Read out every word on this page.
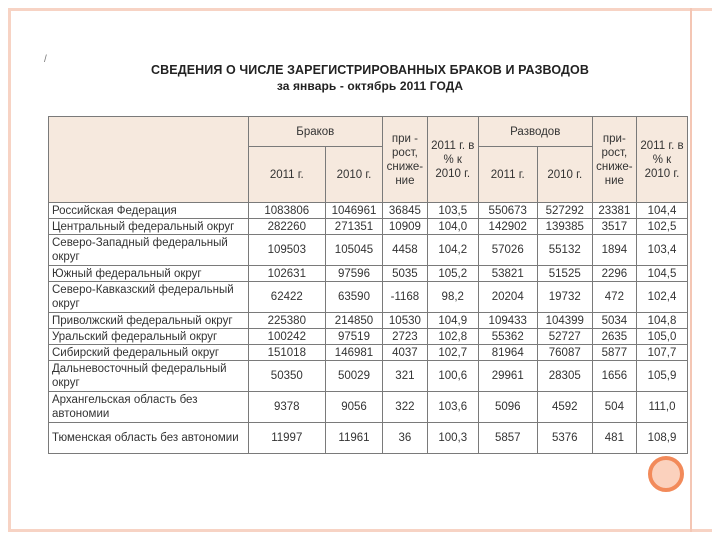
/
СВЕДЕНИЯ О ЧИСЛЕ ЗАРЕГИСТРИРОВАННЫХ БРАКОВ И РАЗВОДОВ
за январь - октябрь 2011 ГОДА
	Браков		при - рост, сниже- ние	2011 г. в % к 2010 г.	Разводов		при- рост, сниже- ние	2011 г. в % к 2010 г.
	2011 г.	2010 г.			2011 г.	2010 г.		
Российская Федерация	1083806	1046961	36845	103,5	550673	527292	23381	104,4
Центральный федеральный округ	282260	271351	10909	104,0	142902	139385	3517	102,5
Северо-Западный федеральный округ	109503	105045	4458	104,2	57026	55132	1894	103,4
Южный федеральный округ	102631	97596	5035	105,2	53821	51525	2296	104,5
Северо-Кавказский федеральный округ	62422	63590	-1168	98,2	20204	19732	472	102,4
Приволжский федеральный округ	225380	214850	10530	104,9	109433	104399	5034	104,8
Уральский федеральный округ	100242	97519	2723	102,8	55362	52727	2635	105,0
Сибирский федеральный округ	151018	146981	4037	102,7	81964	76087	5877	107,7
Дальневосточный федеральный округ	50350	50029	321	100,6	29961	28305	1656	105,9
Архангельская область без автономии	9378	9056	322	103,6	5096	4592	504	111,0
Тюменская область без автономии	11997	11961	36	100,3	5857	5376	481	108,9
